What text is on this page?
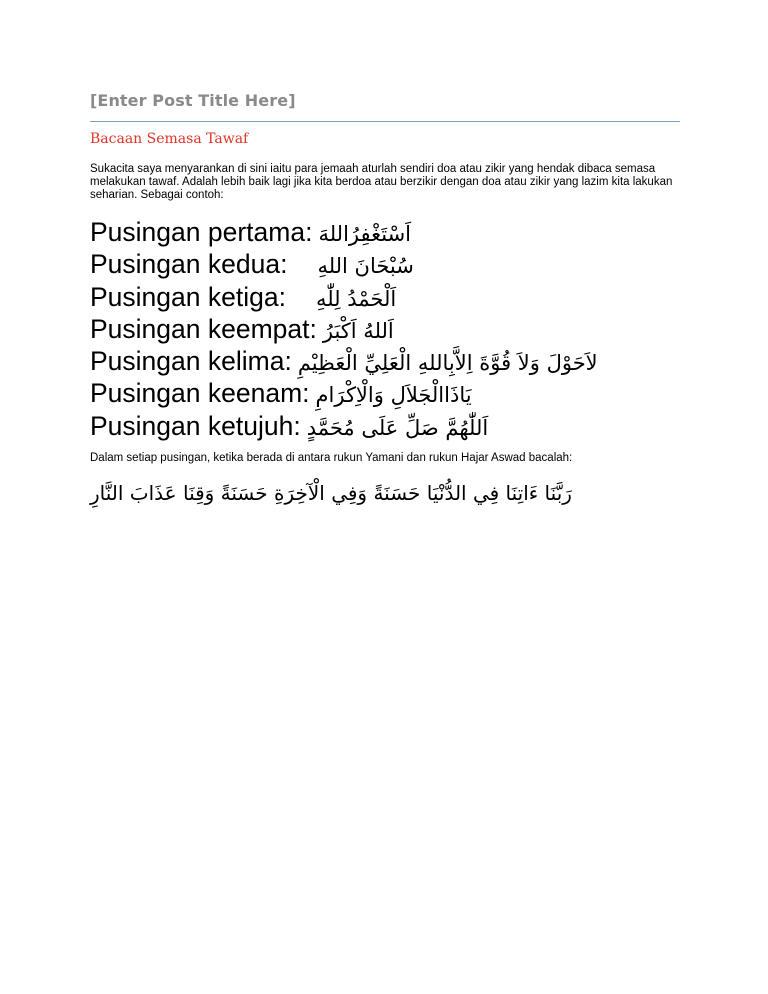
[Enter Post Title Here]
Bacaan Semasa Tawaf

Sukacita saya menyarankan di sini iaitu para jemaah aturlah sendiri doa atau zikir yang hendak dibaca semasa melakukan tawaf. Adalah lebih baik lagi jika kita berdoa atau berzikir dengan doa atau zikir yang lazim kita lakukan seharian. Sebagai contoh:

Pusingan pertama: اَسْتَغْفِرُاللهَ
Pusingan kedua: سُبْحَانَ اللهِ
Pusingan ketiga: اَلْحَمْدُ لِلّٰهِ
Pusingan keempat: اَللهُ اَكْبَرُ
Pusingan kelima: لاَحَوْلَ وَلاَ قُوَّةَ اِلاَّبِاللهِ الْعَلِيِّ الْعَظِيْمِ
Pusingan keenam: يَاذَاالْجَلاَلِ وَالْاِكْرَامِ
Pusingan ketujuh: اَللّٰهُمَّ صَلِّ عَلَى مُحَمَّدٍ
Dalam setiap pusingan, ketika berada di antara rukun Yamani dan rukun Hajar Aswad bacalah:
رَبَّنَا ءَاتِنَا فِي الدُّنْيَا حَسَنَةً وَفِي الْآخِرَةِ حَسَنَةً وَقِنَا عَذَابَ النَّارِ
